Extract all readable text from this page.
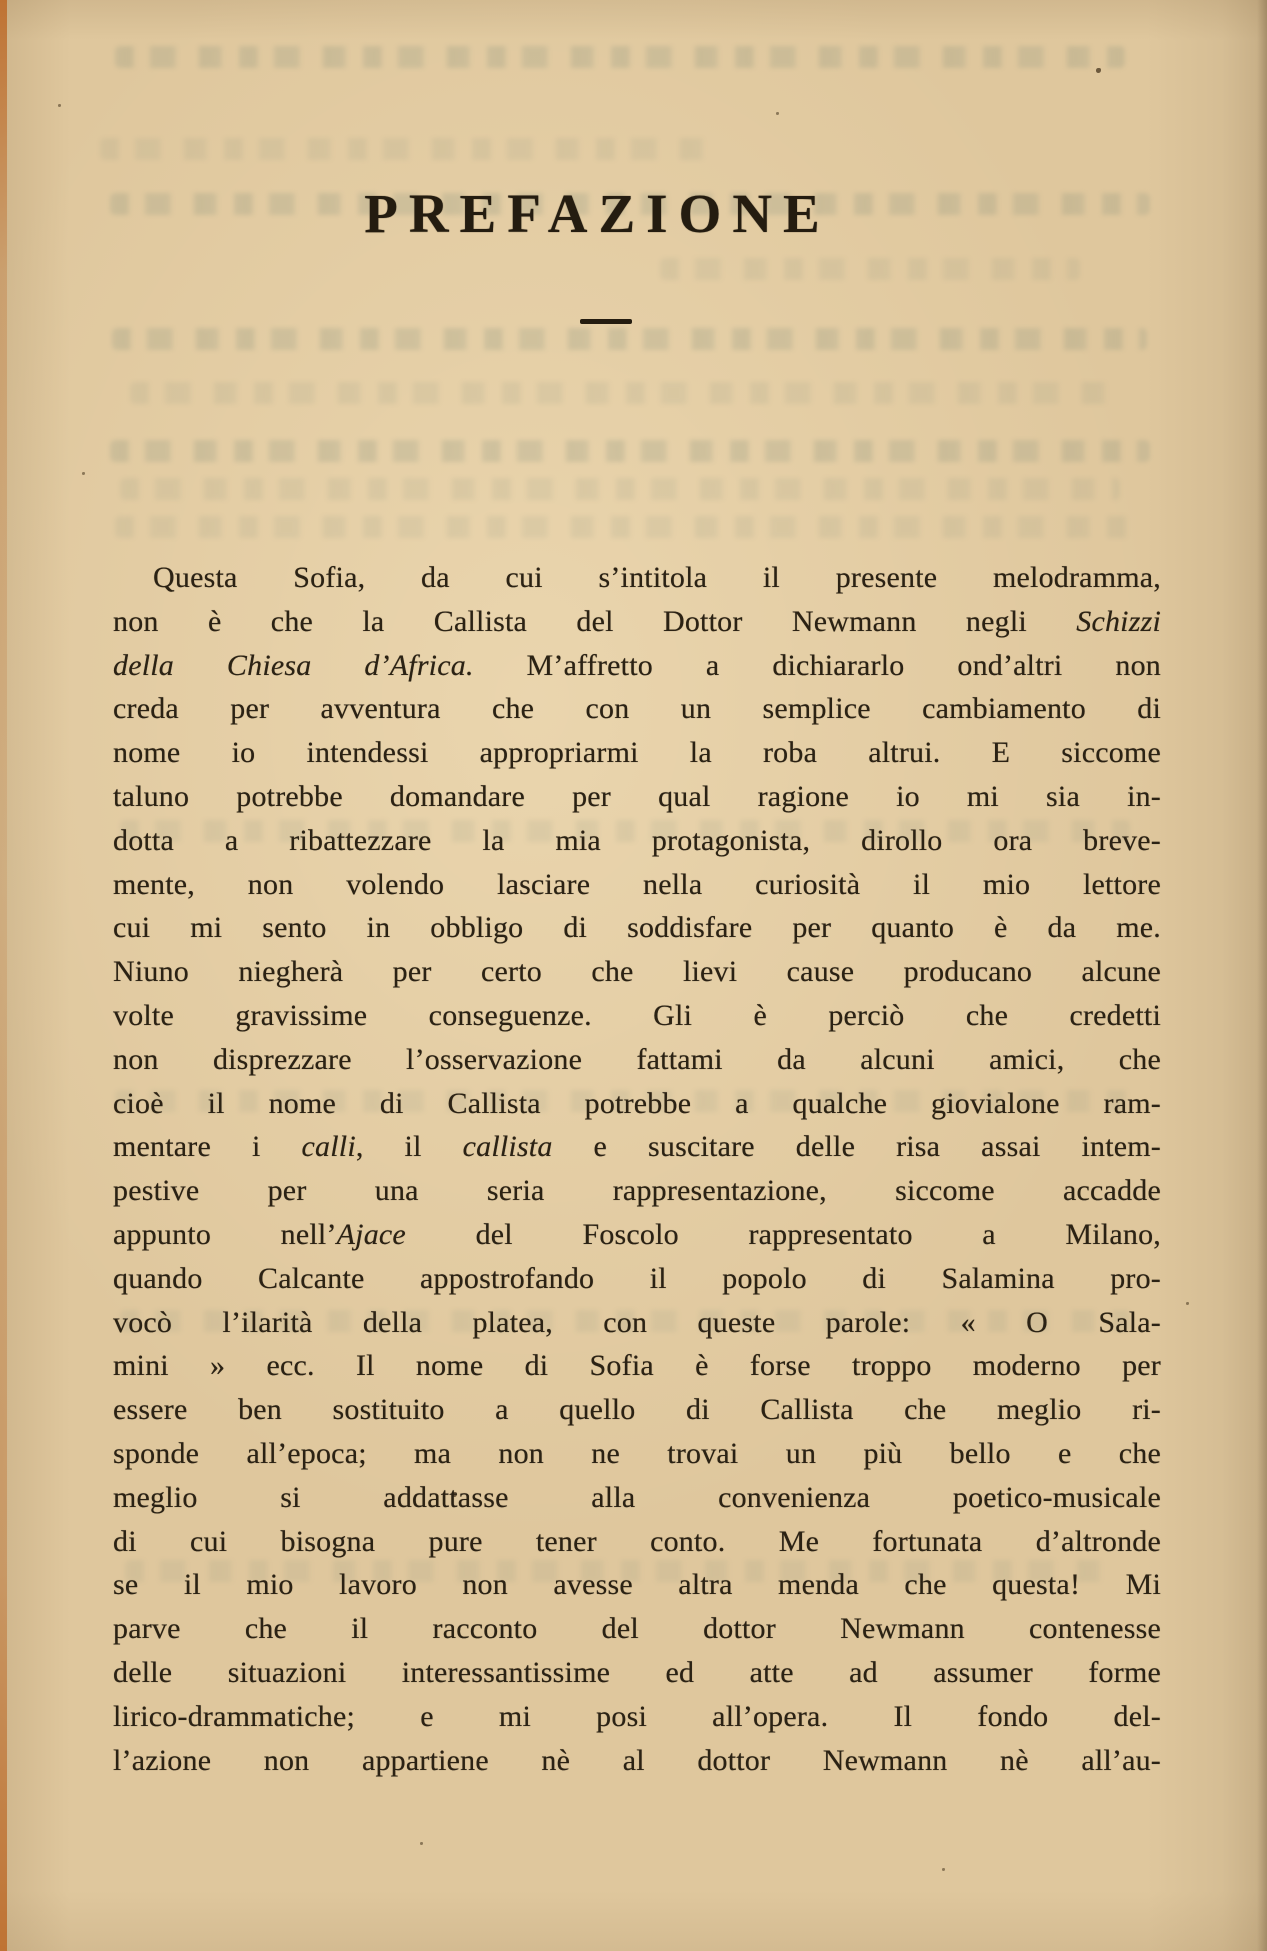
PREFAZIONE
Questa Sofia, da cui s’intitola il presente melodramma,
non è che la Callista del Dottor Newmann negli Schizzi
della Chiesa d’Africa. M’affretto a dichiararlo ond’altri non
creda per avventura che con un semplice cambiamento di
nome io intendessi appropriarmi la roba altrui. E siccome
taluno potrebbe domandare per qual ragione io mi sia in-
dotta a ribattezzare la mia protagonista, dirollo ora breve-
mente, non volendo lasciare nella curiosità il mio lettore
cui mi sento in obbligo di soddisfare per quanto è da me.
Niuno niegherà per certo che lievi cause producano alcune
volte gravissime conseguenze. Gli è perciò che credetti
non disprezzare l’osservazione fattami da alcuni amici, che
cioè il nome di Callista potrebbe a qualche giovialone ram-
mentare i calli, il callista e suscitare delle risa assai intem-
pestive per una seria rappresentazione, siccome accadde
appunto nell’Ajace del Foscolo rappresentato a Milano,
quando Calcante appostrofando il popolo di Salamina pro-
vocò l’ilarità della platea, con queste parole: « O Sala-
mini » ecc. Il nome di Sofia è forse troppo moderno per
essere ben sostituito a quello di Callista che meglio ri-
sponde all’epoca; ma non ne trovai un più bello e che
meglio si addattasse alla convenienza poetico-musicale
di cui bisogna pure tener conto. Me fortunata d’altronde
se il mio lavoro non avesse altra menda che questa! Mi
parve che il racconto del dottor Newmann contenesse
delle situazioni interessantissime ed atte ad assumer forme
lirico-drammatiche; e mi posi all’opera. Il fondo del-
l’azione non appartiene nè al dottor Newmann nè all’au-
